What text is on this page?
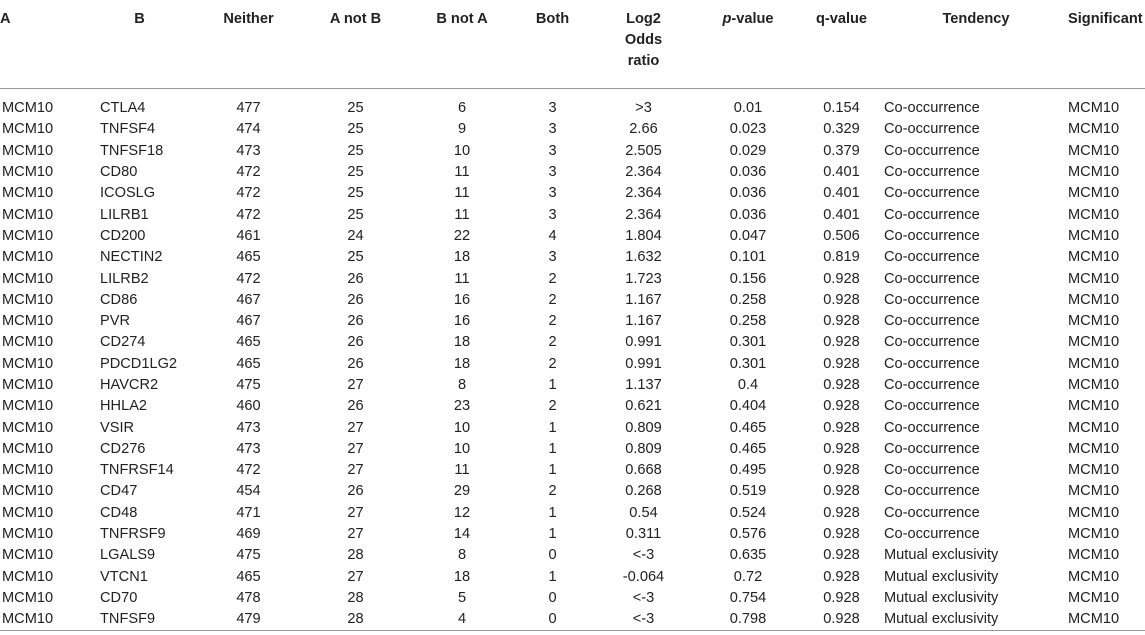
A	B	Neither	A not B	B not A	Both	Log2
Odds
ratio	p-value	q-value	Tendency	Significant
MCM10	CTLA4	477	25	6	3	>3	0.01	0.154	Co-occurrence	MCM10
MCM10	TNFSF4	474	25	9	3	2.66	0.023	0.329	Co-occurrence	MCM10
MCM10	TNFSF18	473	25	10	3	2.505	0.029	0.379	Co-occurrence	MCM10
MCM10	CD80	472	25	11	3	2.364	0.036	0.401	Co-occurrence	MCM10
MCM10	ICOSLG	472	25	11	3	2.364	0.036	0.401	Co-occurrence	MCM10
MCM10	LILRB1	472	25	11	3	2.364	0.036	0.401	Co-occurrence	MCM10
MCM10	CD200	461	24	22	4	1.804	0.047	0.506	Co-occurrence	MCM10
MCM10	NECTIN2	465	25	18	3	1.632	0.101	0.819	Co-occurrence	MCM10
MCM10	LILRB2	472	26	11	2	1.723	0.156	0.928	Co-occurrence	MCM10
MCM10	CD86	467	26	16	2	1.167	0.258	0.928	Co-occurrence	MCM10
MCM10	PVR	467	26	16	2	1.167	0.258	0.928	Co-occurrence	MCM10
MCM10	CD274	465	26	18	2	0.991	0.301	0.928	Co-occurrence	MCM10
MCM10	PDCD1LG2	465	26	18	2	0.991	0.301	0.928	Co-occurrence	MCM10
MCM10	HAVCR2	475	27	8	1	1.137	0.4	0.928	Co-occurrence	MCM10
MCM10	HHLA2	460	26	23	2	0.621	0.404	0.928	Co-occurrence	MCM10
MCM10	VSIR	473	27	10	1	0.809	0.465	0.928	Co-occurrence	MCM10
MCM10	CD276	473	27	10	1	0.809	0.465	0.928	Co-occurrence	MCM10
MCM10	TNFRSF14	472	27	11	1	0.668	0.495	0.928	Co-occurrence	MCM10
MCM10	CD47	454	26	29	2	0.268	0.519	0.928	Co-occurrence	MCM10
MCM10	CD48	471	27	12	1	0.54	0.524	0.928	Co-occurrence	MCM10
MCM10	TNFRSF9	469	27	14	1	0.311	0.576	0.928	Co-occurrence	MCM10
MCM10	LGALS9	475	28	8	0	<-3	0.635	0.928	Mutual exclusivity	MCM10
MCM10	VTCN1	465	27	18	1	-0.064	0.72	0.928	Mutual exclusivity	MCM10
MCM10	CD70	478	28	5	0	<-3	0.754	0.928	Mutual exclusivity	MCM10
MCM10	TNFSF9	479	28	4	0	<-3	0.798	0.928	Mutual exclusivity	MCM10
